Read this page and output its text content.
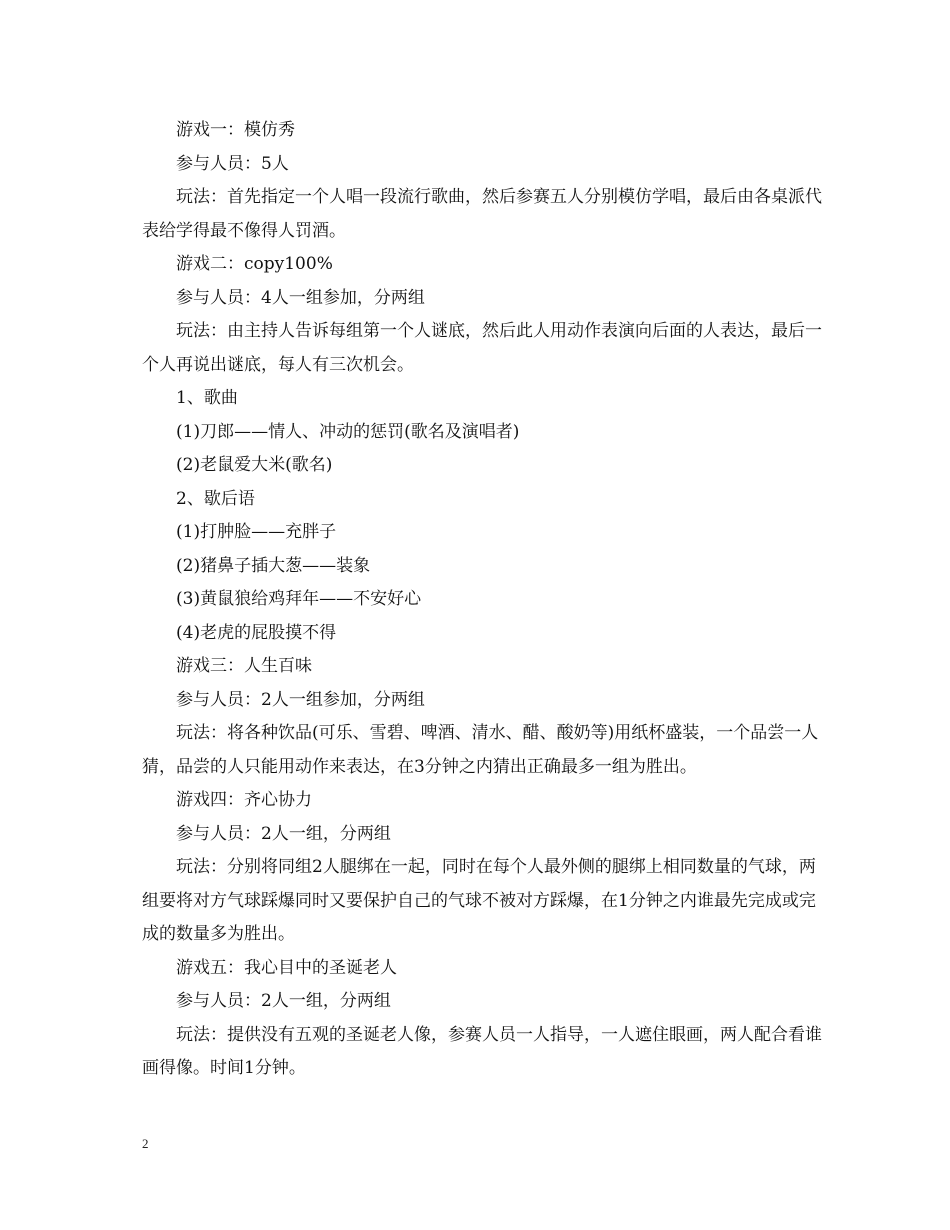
游戏一：模仿秀

参与人员：5人

玩法：首先指定一个人唱一段流行歌曲，然后参赛五人分别模仿学唱，最后由各桌派代表给学得最不像得人罚酒。

游戏二：copy100%

参与人员：4人一组参加，分两组

玩法：由主持人告诉每组第一个人谜底，然后此人用动作表演向后面的人表达，最后一个人再说出谜底，每人有三次机会。

1、歌曲

(1)刀郎——情人、冲动的惩罚(歌名及演唱者)

(2)老鼠爱大米(歌名)

2、歇后语

(1)打肿脸——充胖子

(2)猪鼻子插大葱——装象

(3)黄鼠狼给鸡拜年——不安好心

(4)老虎的屁股摸不得

游戏三：人生百味

参与人员：2人一组参加，分两组

玩法：将各种饮品(可乐、雪碧、啤酒、清水、醋、酸奶等)用纸杯盛装，一个品尝一人猜，品尝的人只能用动作来表达，在3分钟之内猜出正确最多一组为胜出。

游戏四：齐心协力

参与人员：2人一组，分两组

玩法：分别将同组2人腿绑在一起，同时在每个人最外侧的腿绑上相同数量的气球，两组要将对方气球踩爆同时又要保护自己的气球不被对方踩爆，在1分钟之内谁最先完成或完成的数量多为胜出。

游戏五：我心目中的圣诞老人

参与人员：2人一组，分两组

玩法：提供没有五观的圣诞老人像，参赛人员一人指导，一人遮住眼画，两人配合看谁画得像。时间1分钟。

2
